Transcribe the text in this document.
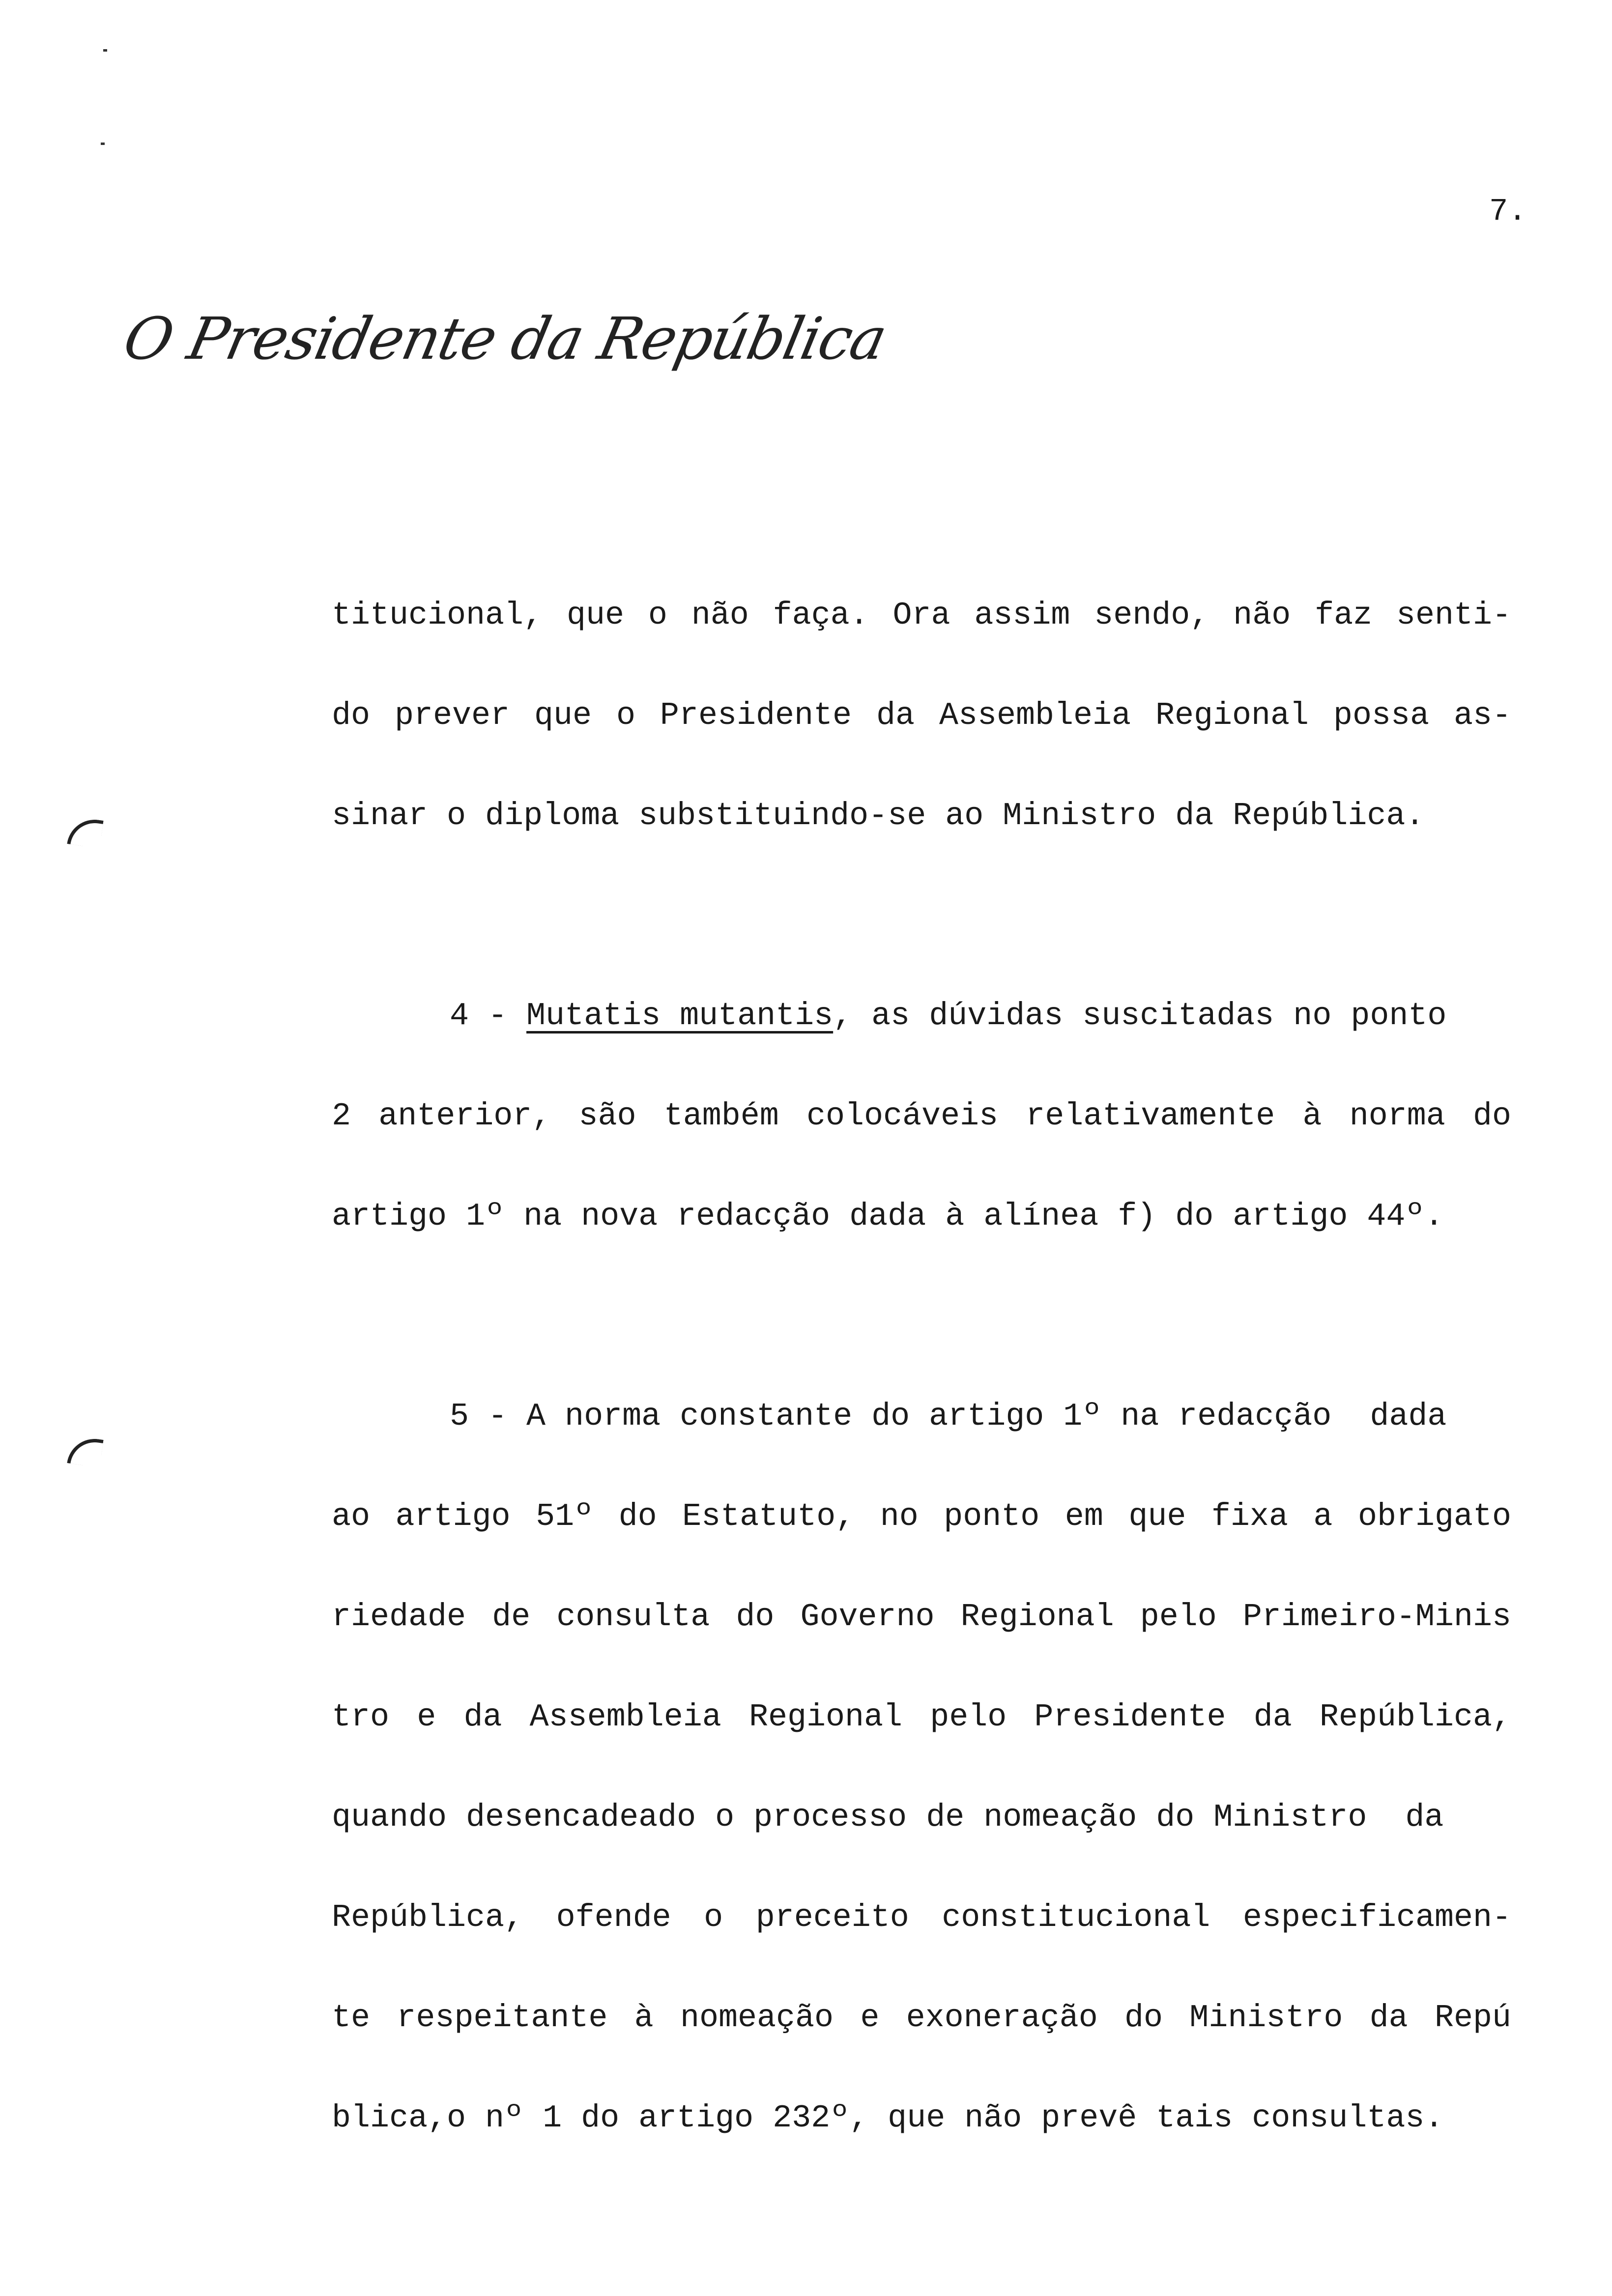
7.
O Presidente da República
titucional, que o não faça. Ora assim sendo, não faz senti-
do prever que o Presidente da Assembleia Regional possa as-
sinar o diploma substituindo-se ao Ministro da República.
4 - Mutatis mutantis, as dúvidas suscitadas no ponto
2 anterior, são também colocáveis relativamente à norma do
artigo 1º na nova redacção dada à alínea f) do artigo 44º.
5 - A norma constante do artigo 1º na redacção  dada
ao artigo 51º do Estatuto, no ponto em que fixa a obrigato
riedade de consulta do Governo Regional pelo Primeiro-Minis
tro e da Assembleia Regional pelo Presidente da República,
quando desencadeado o processo de nomeação do Ministro  da
República, ofende o preceito constitucional especificamen-
te respeitante à nomeação e exoneração do Ministro da Repú
blica,o nº 1 do artigo 232º, que não prevê tais consultas.
